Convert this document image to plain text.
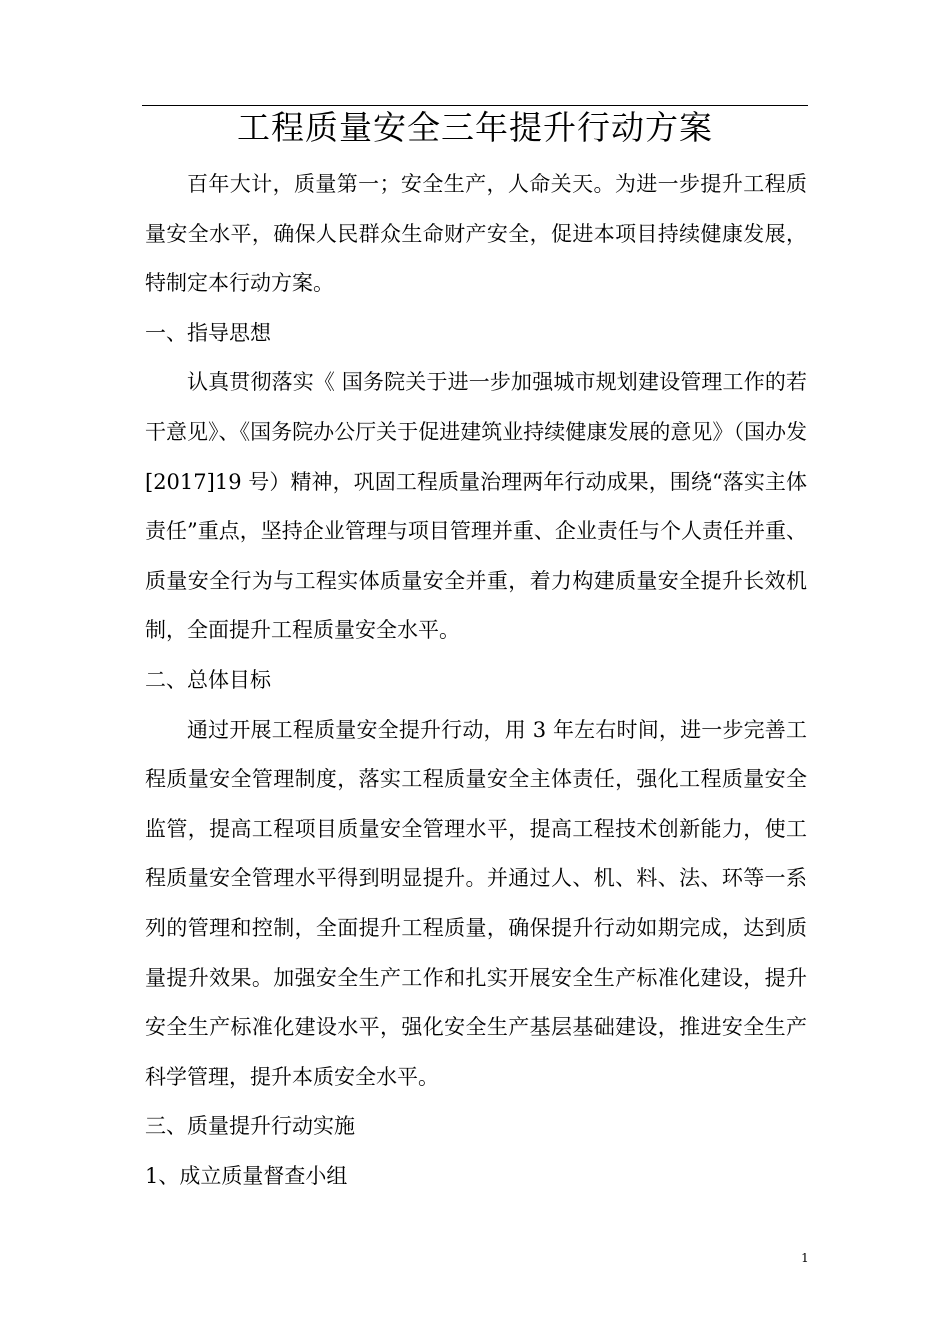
工程质量安全三年提升行动方案

百年大计，质量第一；安全生产，人命关天。为进一步提升工程质量安全水平，确保人民群众生命财产安全，促进本项目持续健康发展，特制定本行动方案。

一、指导思想

认真贯彻落实《 国务院关于进一步加强城市规划建设管理工作的若干意见》、《国务院办公厅关于促进建筑业持续健康发展的意见》（国办发[2017]19 号）精神，巩固工程质量治理两年行动成果，围绕“落实主体责任”重点，坚持企业管理与项目管理并重、企业责任与个人责任并重、质量安全行为与工程实体质量安全并重，着力构建质量安全提升长效机制，全面提升工程质量安全水平。

二、总体目标

通过开展工程质量安全提升行动，用 3 年左右时间，进一步完善工程质量安全管理制度，落实工程质量安全主体责任，强化工程质量安全监管，提高工程项目质量安全管理水平，提高工程技术创新能力，使工程质量安全管理水平得到明显提升。并通过人、机、料、法、环等一系列的管理和控制，全面提升工程质量，确保提升行动如期完成，达到质量提升效果。加强安全生产工作和扎实开展安全生产标准化建设，提升安全生产标准化建设水平，强化安全生产基层基础建设，推进安全生产科学管理，提升本质安全水平。

三、质量提升行动实施

1、成立质量督查小组

1
